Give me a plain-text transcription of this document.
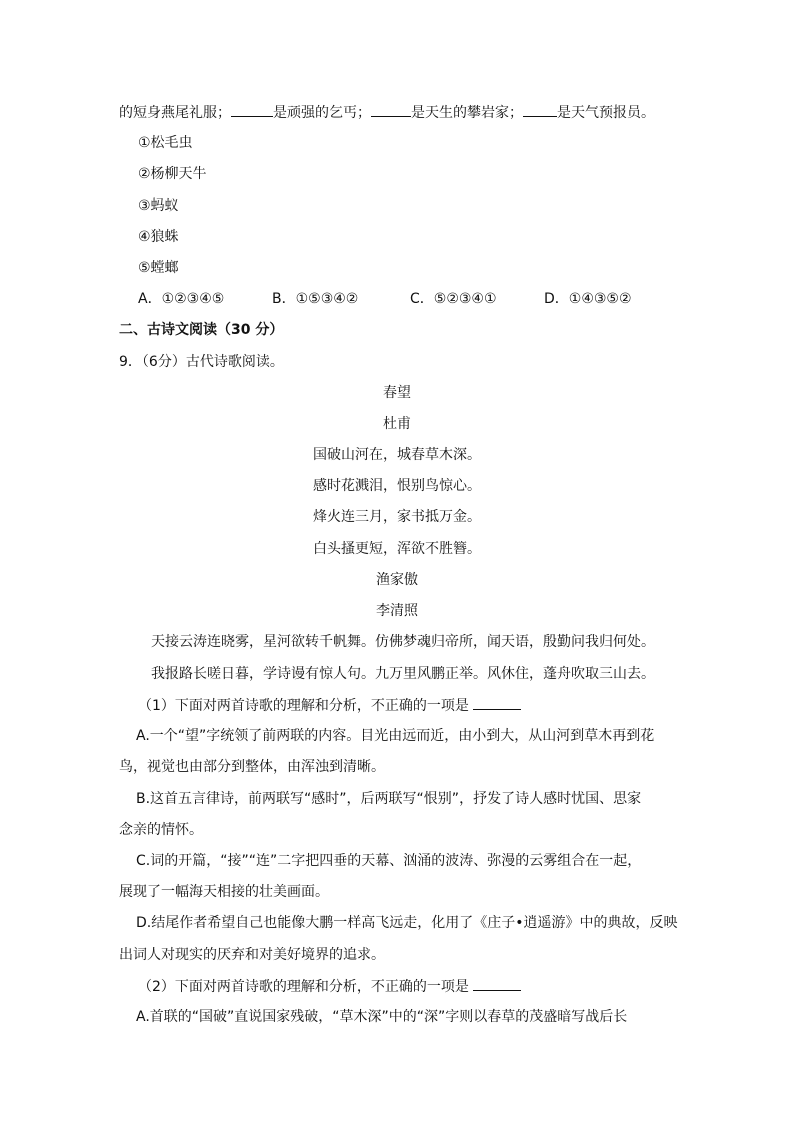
的短身燕尾礼服；	是顽强的乞丐；	是天生的攀岩家； 是天气预报员。
①松毛虫
②杨柳天牛
③蚂蚁
④狼蛛
⑤螳螂
A．①②③④⑤	B．①⑤③④②	C．⑤②③④①	D．①④③⑤②
二、古诗文阅读（30 分）
9．（6分）古代诗歌阅读。
春望
杜甫
国破山河在，城春草木深。
感时花溅泪，恨别鸟惊心。
烽火连三月，家书抵万金。
白头搔更短，浑欲不胜簪。
渔家傲
李清照
天接云涛连晓雾，星河欲转千帆舞。仿佛梦魂归帝所，闻天语，殷勤问我归何处。
我报路长嗟日暮，学诗谩有惊人句。九万里风鹏正举。风休住，蓬舟吹取三山去。
（1）下面对两首诗歌的理解和分析，不正确的一项是
A.一个“望”字统领了前两联的内容。目光由远而近，由小到大，从山河到草木再到花
鸟，视觉也由部分到整体，由浑浊到清晰。
B.这首五言律诗，前两联写“感时”，后两联写“恨别”，抒发了诗人感时忧国、思家
念亲的情怀。
C.词的开篇，“接”“连”二字把四垂的天幕、汹涌的波涛、弥漫的云雾组合在一起，
展现了一幅海天相接的壮美画面。
D.结尾作者希望自己也能像大鹏一样高飞远走，化用了《庄子•逍遥游》中的典故，反映
出词人对现实的厌弃和对美好境界的追求。
（2）下面对两首诗歌的理解和分析，不正确的一项是
A.首联的“国破”直说国家残破，“草木深”中的“深”字则以春草的茂盛暗写战后长
